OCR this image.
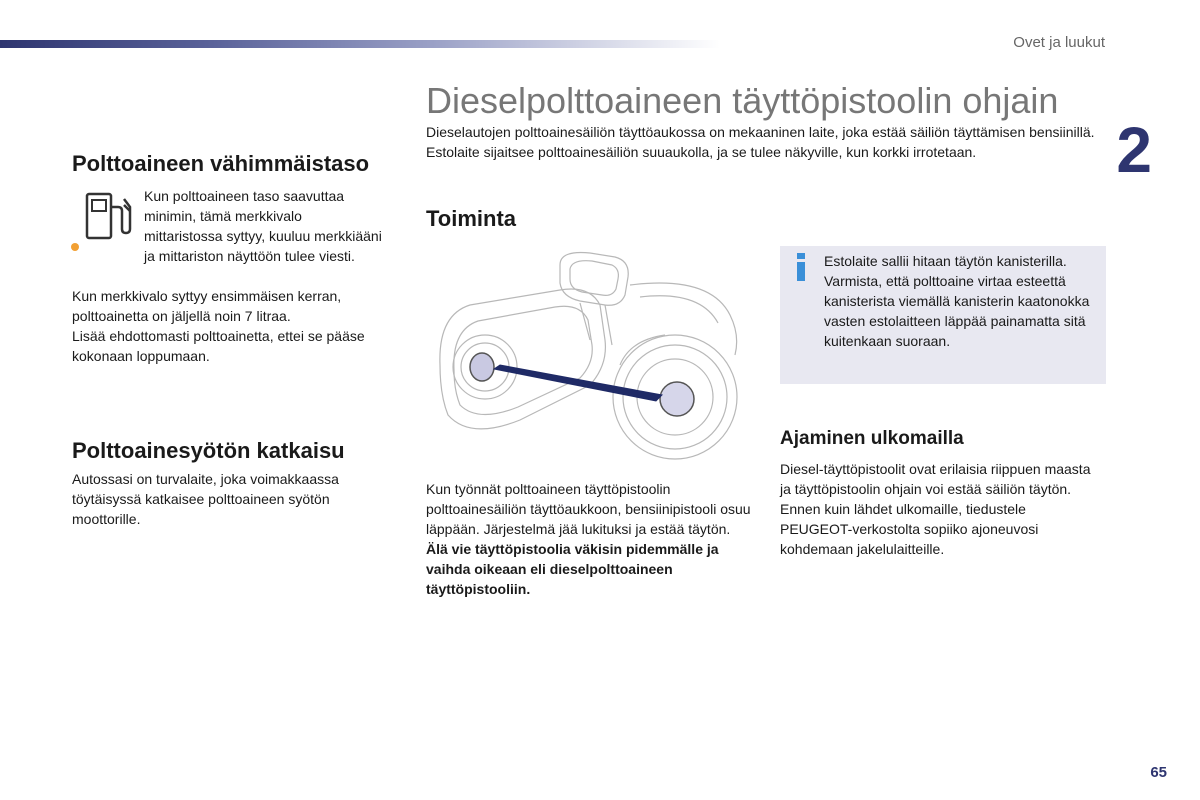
Ovet ja luukut
2
Polttoaineen vähimmäistaso
Kun polttoaineen taso saavuttaa minimin, tämä merkkivalo mittaristossa syttyy, kuuluu merkkiääni ja mittariston näyttöön tulee viesti.

Kun merkkivalo syttyy ensimmäisen kerran, polttoainetta on jäljellä noin 7 litraa.

Lisää ehdottomasti polttoainetta, ettei se pääse kokonaan loppumaan.

Polttoainesyötön katkaisu
Autossasi on turvalaite, joka voimakkaassa töytäisyssä katkaisee polttoaineen syötön moottorille.
Dieselpolttoaineen täyttöpistoolin ohjain

Dieselautojen polttoainesäiliön täyttöaukossa on mekaaninen laite, joka estää säiliön täyttämisen bensiinillä.

Estolaite sijaitsee polttoainesäiliön suuaukolla, ja se tulee näkyville, kun korkki irrotetaan.

Toiminta

Kun työnnät polttoaineen täyttöpistoolin polttoainesäiliön täyttöaukkoon, bensiinipistooli osuu läppään. Järjestelmä jää lukituksi ja estää täytön.

Älä vie täyttöpistoolia väkisin pidemmälle ja vaihda oikeaan eli dieselpolttoaineen täyttöpistooliin.

Estolaite sallii hitaan täytön kanisterilla. Varmista, että polttoaine virtaa esteettä kanisterista viemällä kanisterin kaatonokka vasten estolaitteen läppää painamatta sitä kuitenkaan suoraan.
Ajaminen ulkomailla

Diesel-täyttöpistoolit ovat erilaisia riippuen maasta ja täyttöpistoolin ohjain voi estää säiliön täytön.

Ennen kuin lähdet ulkomaille, tiedustele PEUGEOT-verkostolta sopiiko ajoneuvosi kohdemaan jakelulaitteille.

65
